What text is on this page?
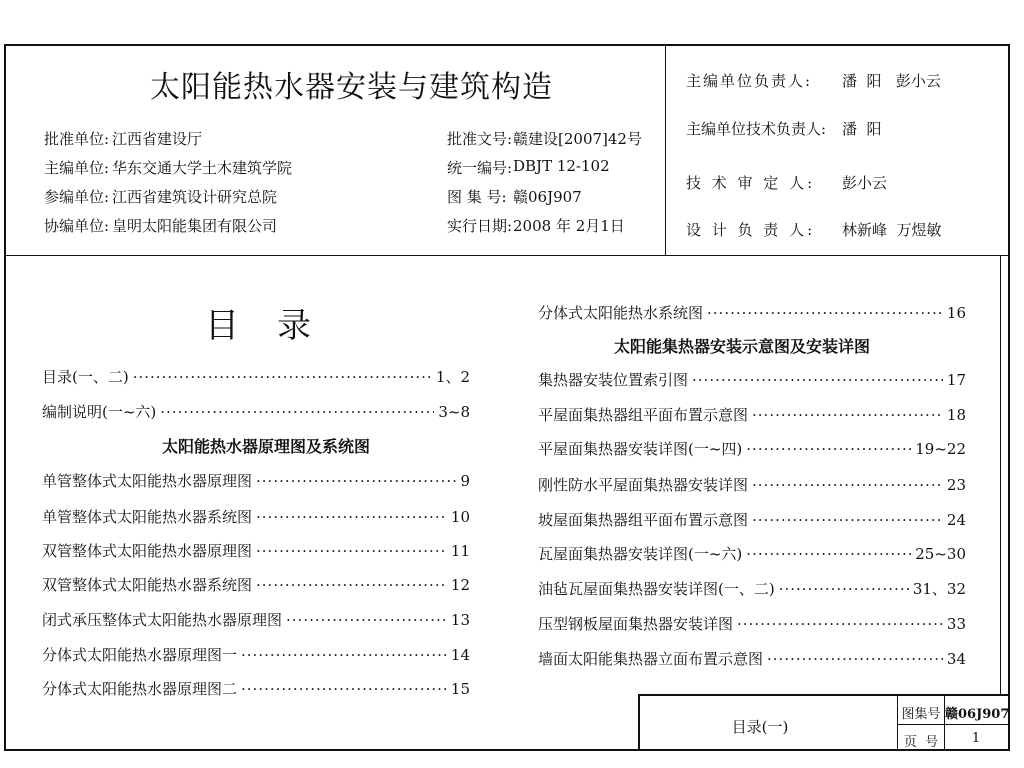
太阳能热水器安装与建筑构造
批准单位: 江西省建设厅
主编单位: 华东交通大学土木建筑学院
参编单位: 江西省建筑设计研究总院
协编单位: 皇明太阳能集团有限公司
批准文号: 赣建设[2007]42号
统一编号: DBJT 12-102
图 集 号: 赣06J907
实行日期: 2008 年 2月1日
主编单位负责人: 潘  阳   彭小云
主编单位技术负责人: 潘  阳
技 术 审 定 人: 彭小云
设 计 负 责 人: 林新峰  万煜敏
目录
目录(一、二) ·····	1、2
编制说明(一~六) ·····	3~8
太阳能热水器原理图及系统图
单管整体式太阳能热水器原理图 ·····	9
单管整体式太阳能热水器系统图 ·····	10
双管整体式太阳能热水器原理图 ·····	11
双管整体式太阳能热水器系统图 ·····	12
闭式承压整体式太阳能热水器原理图 ·····	13
分体式太阳能热水器原理图一 ·····	14
分体式太阳能热水器原理图二 ·····	15
分体式太阳能热水系统图 ·····	16
太阳能集热器安装示意图及安装详图
集热器安装位置索引图 ·····	17
平屋面集热器组平面布置示意图 ·····	18
平屋面集热器安装详图(一~四) ·····	19~22
刚性防水平屋面集热器安装详图 ·····	23
坡屋面集热器组平面布置示意图 ·····	24
瓦屋面集热器安装详图(一~六) ·····	25~30
油毡瓦屋面集热器安装详图(一、二) ·····	31、32
压型钢板屋面集热器安装详图 ·····	33
墙面太阳能集热器立面布置示意图 ·····	34
目录(一)
图集号 赣06J907
页  号	1
